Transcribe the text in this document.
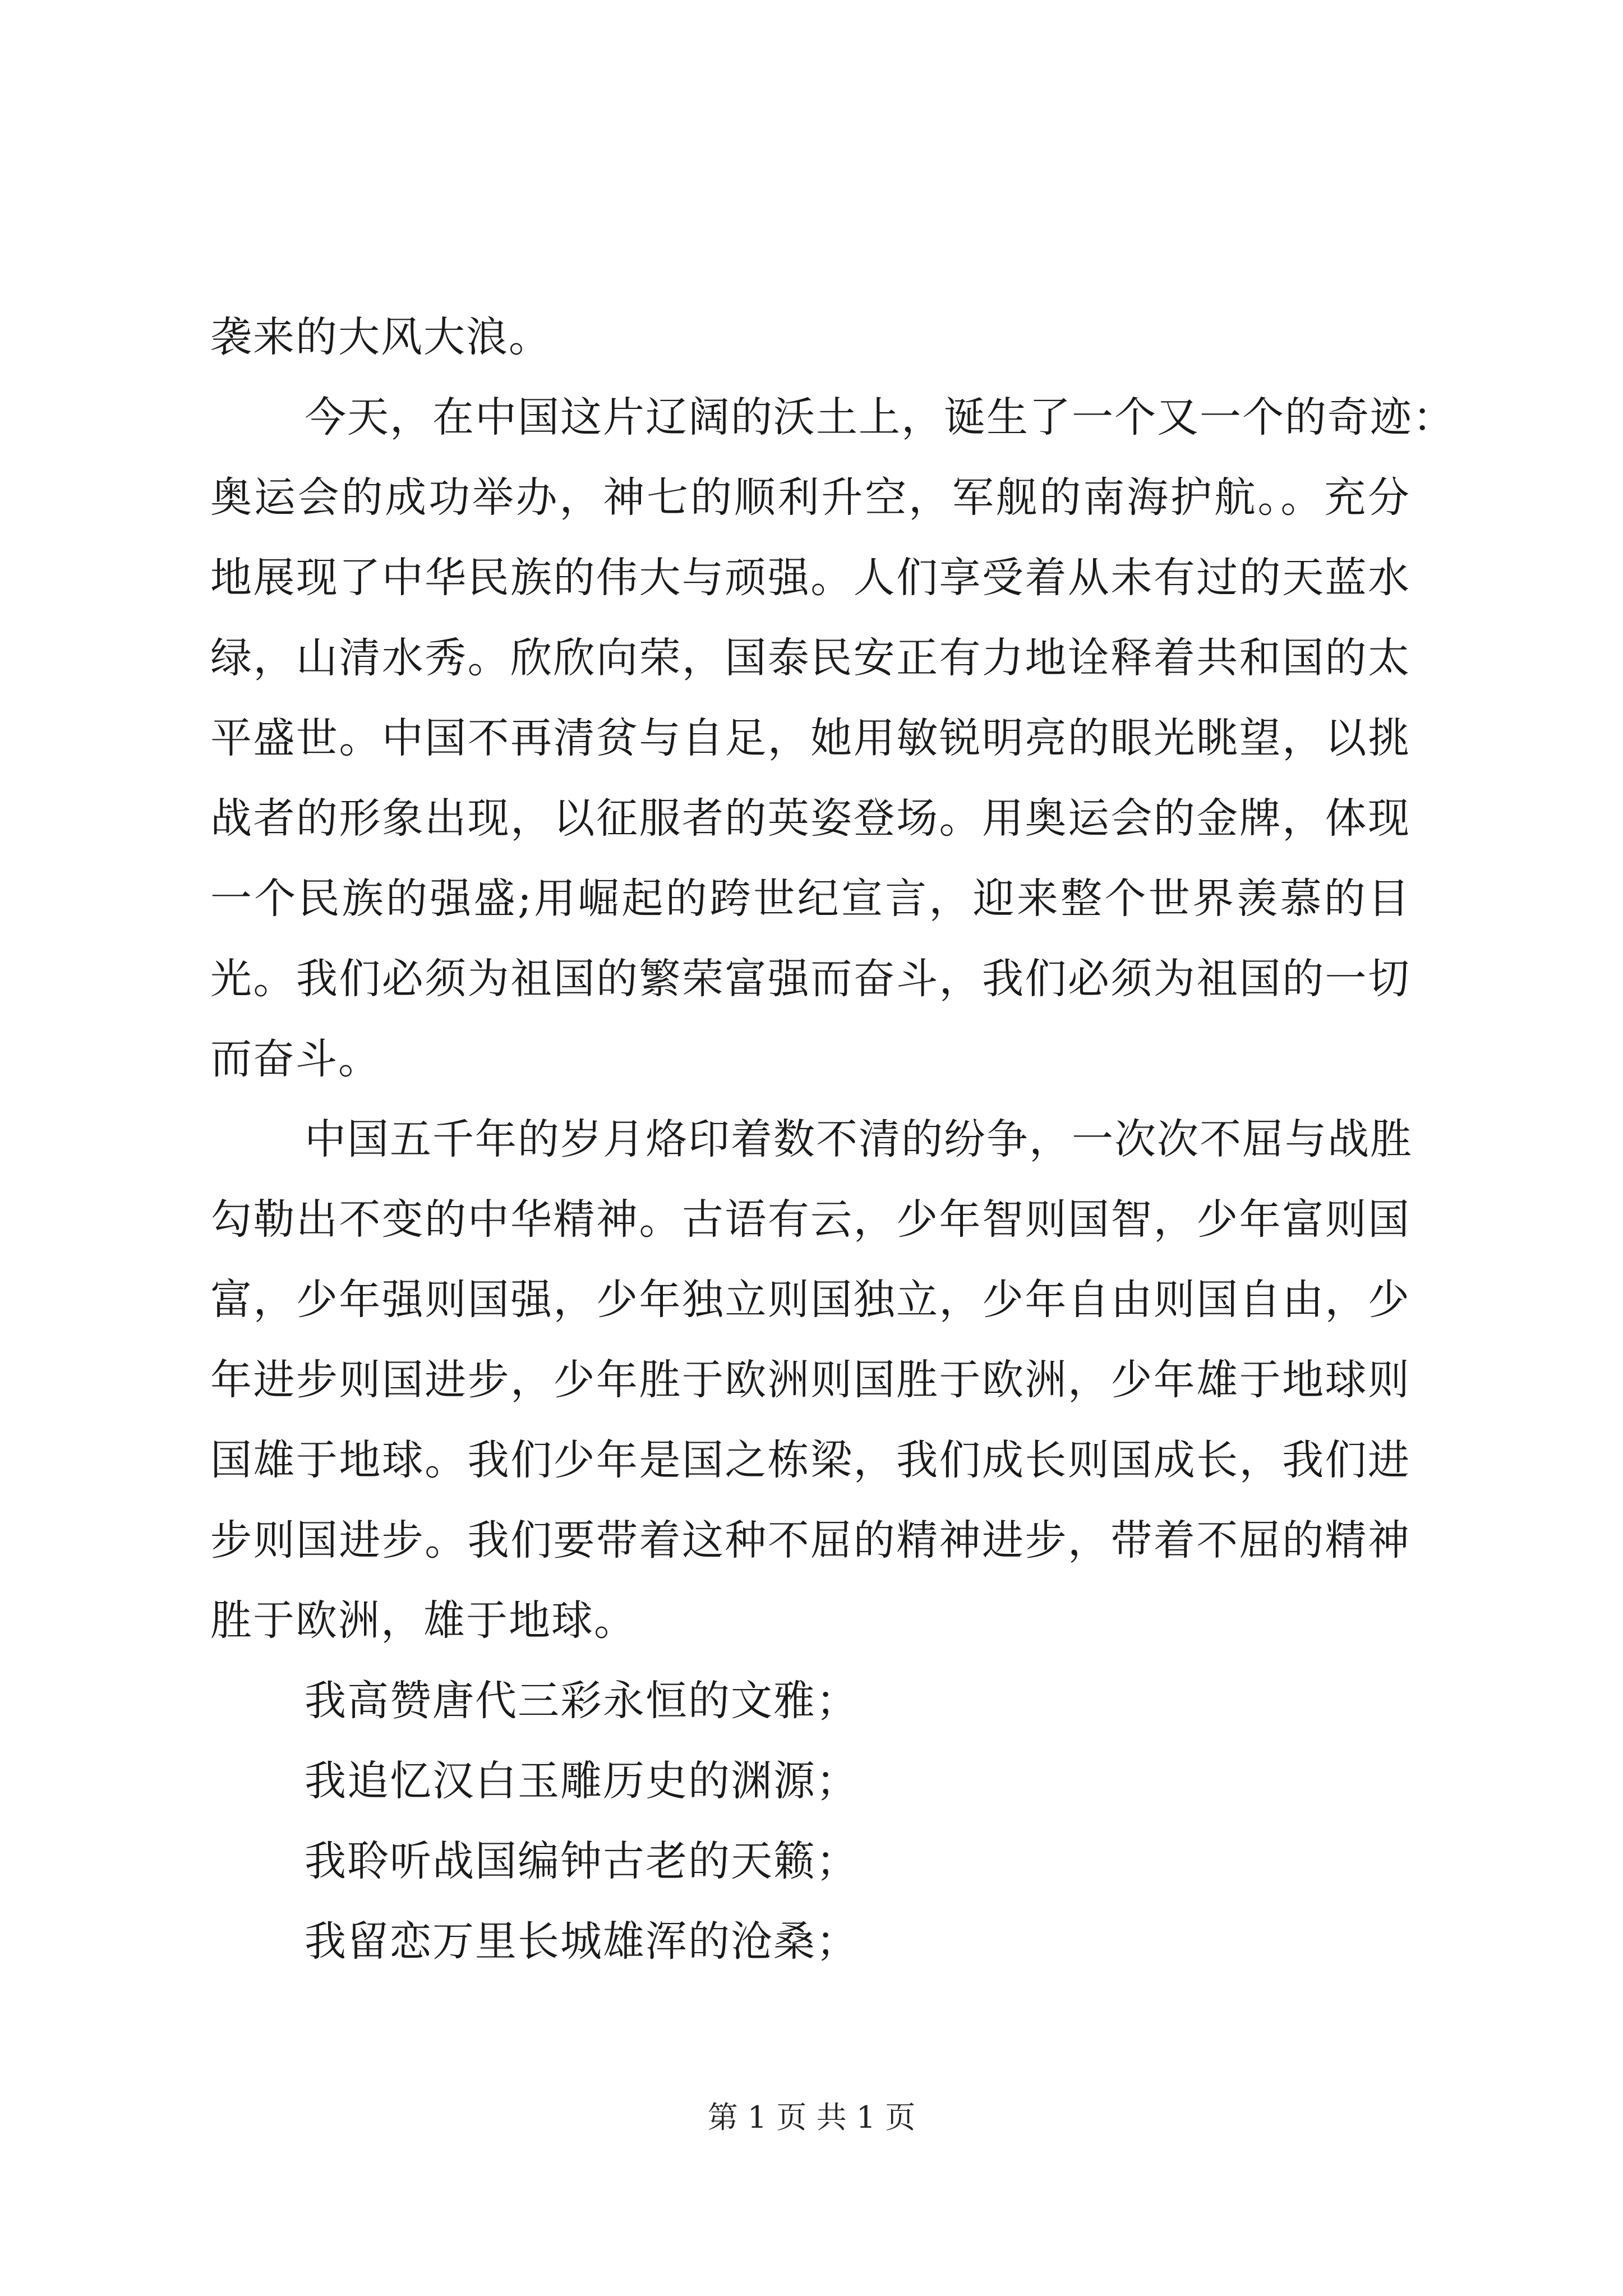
袭来的大风大浪。
今天，在中国这片辽阔的沃土上，诞生了一个又一个的奇迹：
奥运会的成功举办，神七的顺利升空，军舰的南海护航。。充分
地展现了中华民族的伟大与顽强。人们享受着从未有过的天蓝水
绿，山清水秀。欣欣向荣，国泰民安正有力地诠释着共和国的太
平盛世。中国不再清贫与自足，她用敏锐明亮的眼光眺望，以挑
战者的形象出现，以征服者的英姿登场。用奥运会的金牌，体现
一个民族的强盛;用崛起的跨世纪宣言，迎来整个世界羡慕的目
光。我们必须为祖国的繁荣富强而奋斗，我们必须为祖国的一切
而奋斗。
中国五千年的岁月烙印着数不清的纷争，一次次不屈与战胜
勾勒出不变的中华精神。古语有云，少年智则国智，少年富则国
富，少年强则国强，少年独立则国独立，少年自由则国自由，少
年进步则国进步，少年胜于欧洲则国胜于欧洲，少年雄于地球则
国雄于地球。我们少年是国之栋梁，我们成长则国成长，我们进
步则国进步。我们要带着这种不屈的精神进步，带着不屈的精神
胜于欧洲，雄于地球。
我高赞唐代三彩永恒的文雅；
我追忆汉白玉雕历史的渊源；
我聆听战国编钟古老的天籁；
我留恋万里长城雄浑的沧桑；
第 1 页 共 1 页
